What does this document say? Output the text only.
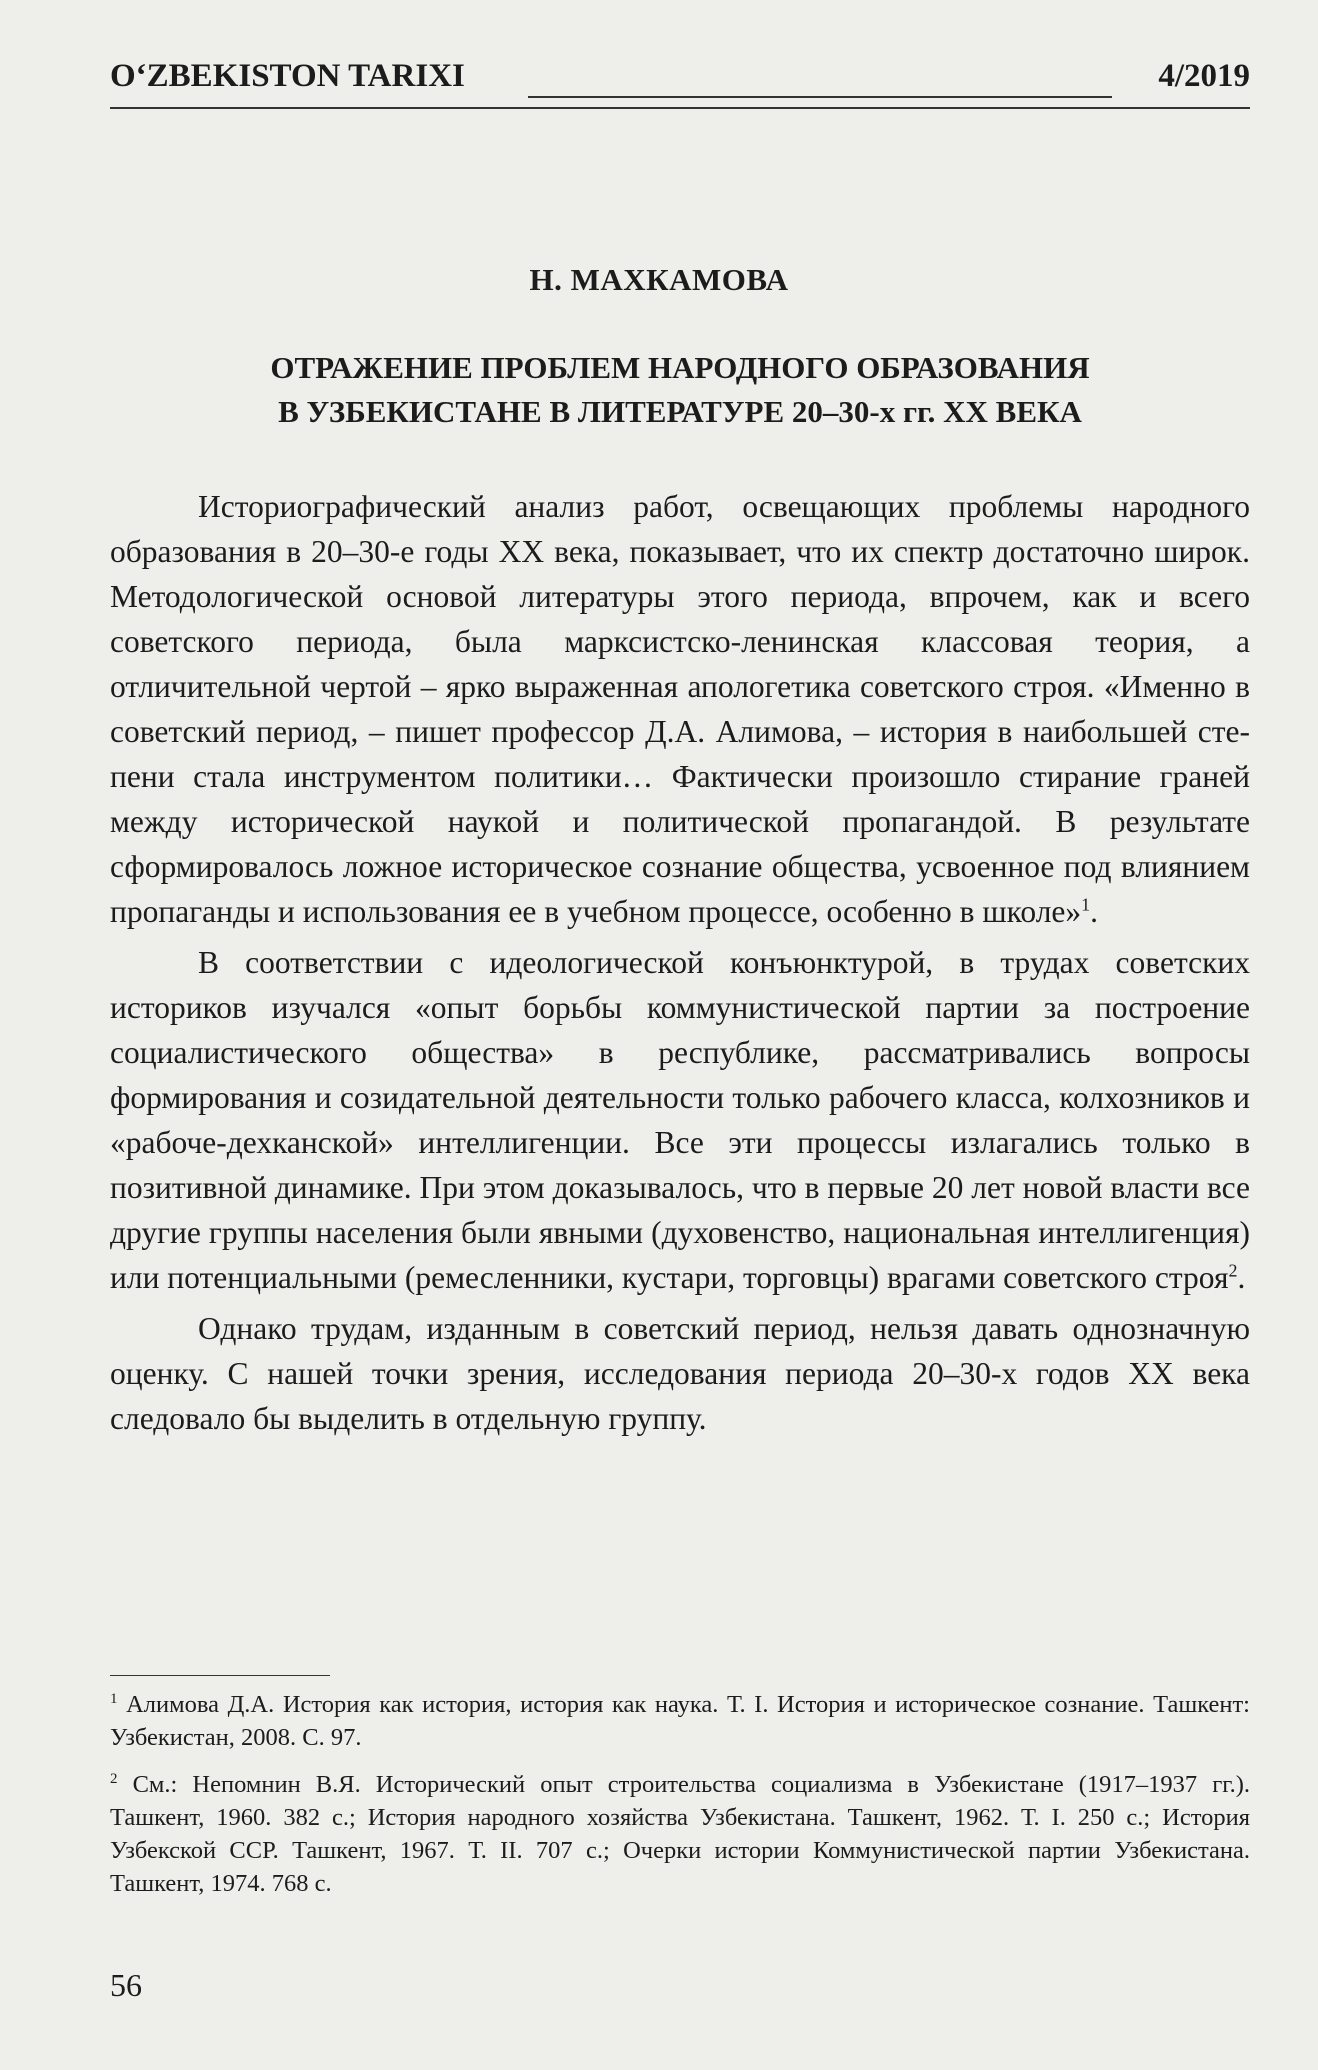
O‘ZBEKISTON TARIXI	4/2019
Н. МАХКАМОВА
ОТРАЖЕНИЕ ПРОБЛЕМ НАРОДНОГО ОБРАЗОВАНИЯ
В УЗБЕКИСТАНЕ В ЛИТЕРАТУРЕ 20–30-х гг. XX ВЕКА

Историографический анализ работ, освещающих проблемы народного образования в 20–30-е годы XX века, показывает, что их спектр достаточно широк. Методологической основой литературы этого периода, впрочем, как и всего советского периода, была марксистско-ленинская классовая теория, а отличительной чертой – ярко выраженная апологетика советского строя. «Именно в советский период, – пишет профессор Д.А. Алимова, – история в наибольшей степени стала инструментом политики… Фактически произошло стирание граней между исторической наукой и политической пропагандой. В результате сформировалось ложное историческое сознание общества, усвоенное под влиянием пропаганды и использования ее в учебном процессе, особенно в школе»$^1$.

В соответствии с идеологической конъюнктурой, в трудах советских историков изучался «опыт борьбы коммунистической партии за построение социалистического общества» в республике, рассматривались вопросы формирования и созидательной деятельности только рабочего класса, колхозников и «рабоче-дехканской» интеллигенции. Все эти процессы излагались только в позитивной динамике. При этом доказывалось, что в первые 20 лет новой власти все другие группы населения были явными (духовенство, национальная интеллигенция) или потенциальными (ремесленники, кустари, торговцы) врагами советского строя$^2$.

Однако трудам, изданным в советский период, нельзя давать однозначную оценку. С нашей точки зрения, исследования периода 20–30-х годов XX века следовало бы выделить в отдельную группу.

$^1$ Алимова Д.А. История как история, история как наука. Т. I. История и историческое сознание. Ташкент: Узбекистан, 2008. С. 97.

$^2$ См.: Непомнин В.Я. Исторический опыт строительства социализма в Узбекистане (1917–1937 гг.). Ташкент, 1960. 382 с.; История народного хозяйства Узбекистана. Ташкент, 1962. Т. I. 250 с.; История Узбекской ССР. Ташкент, 1967. Т. II. 707 с.; Очерки истории Коммунистической партии Узбекистана. Ташкент, 1974. 768 с.

56
